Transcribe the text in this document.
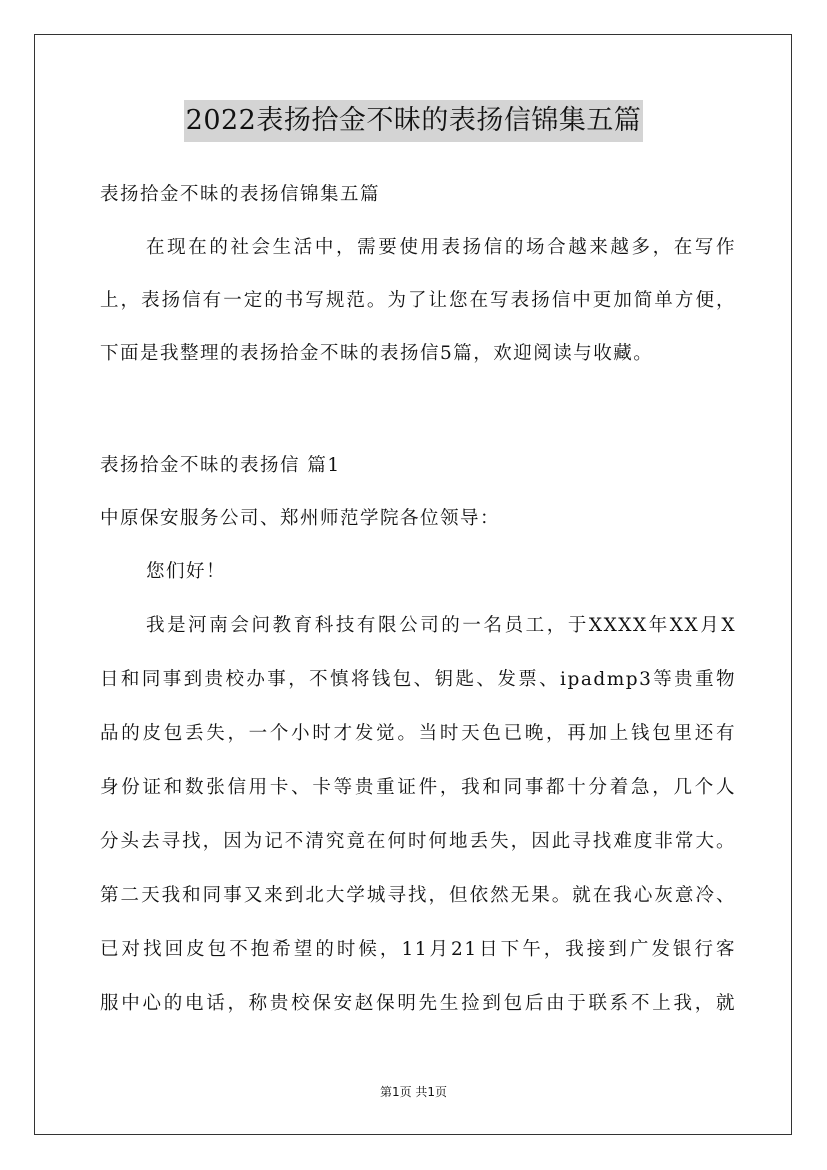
2022表扬拾金不昧的表扬信锦集五篇
表扬拾金不昧的表扬信锦集五篇
在现在的社会生活中，需要使用表扬信的场合越来越多，在写作
上，表扬信有一定的书写规范。为了让您在写表扬信中更加简单方便，
下面是我整理的表扬拾金不昧的表扬信5篇，欢迎阅读与收藏。
表扬拾金不昧的表扬信 篇1
中原保安服务公司、郑州师范学院各位领导：
您们好！
我是河南会问教育科技有限公司的一名员工，于XXXX年XX月X
日和同事到贵校办事，不慎将钱包、钥匙、发票、ipadmp3等贵重物
品的皮包丢失，一个小时才发觉。当时天色已晚，再加上钱包里还有
身份证和数张信用卡、卡等贵重证件，我和同事都十分着急，几个人
分头去寻找，因为记不清究竟在何时何地丢失，因此寻找难度非常大。
第二天我和同事又来到北大学城寻找，但依然无果。就在我心灰意冷、
已对找回皮包不抱希望的时候，11月21日下午，我接到广发银行客
服中心的电话，称贵校保安赵保明先生捡到包后由于联系不上我，就
第1页 共1页
